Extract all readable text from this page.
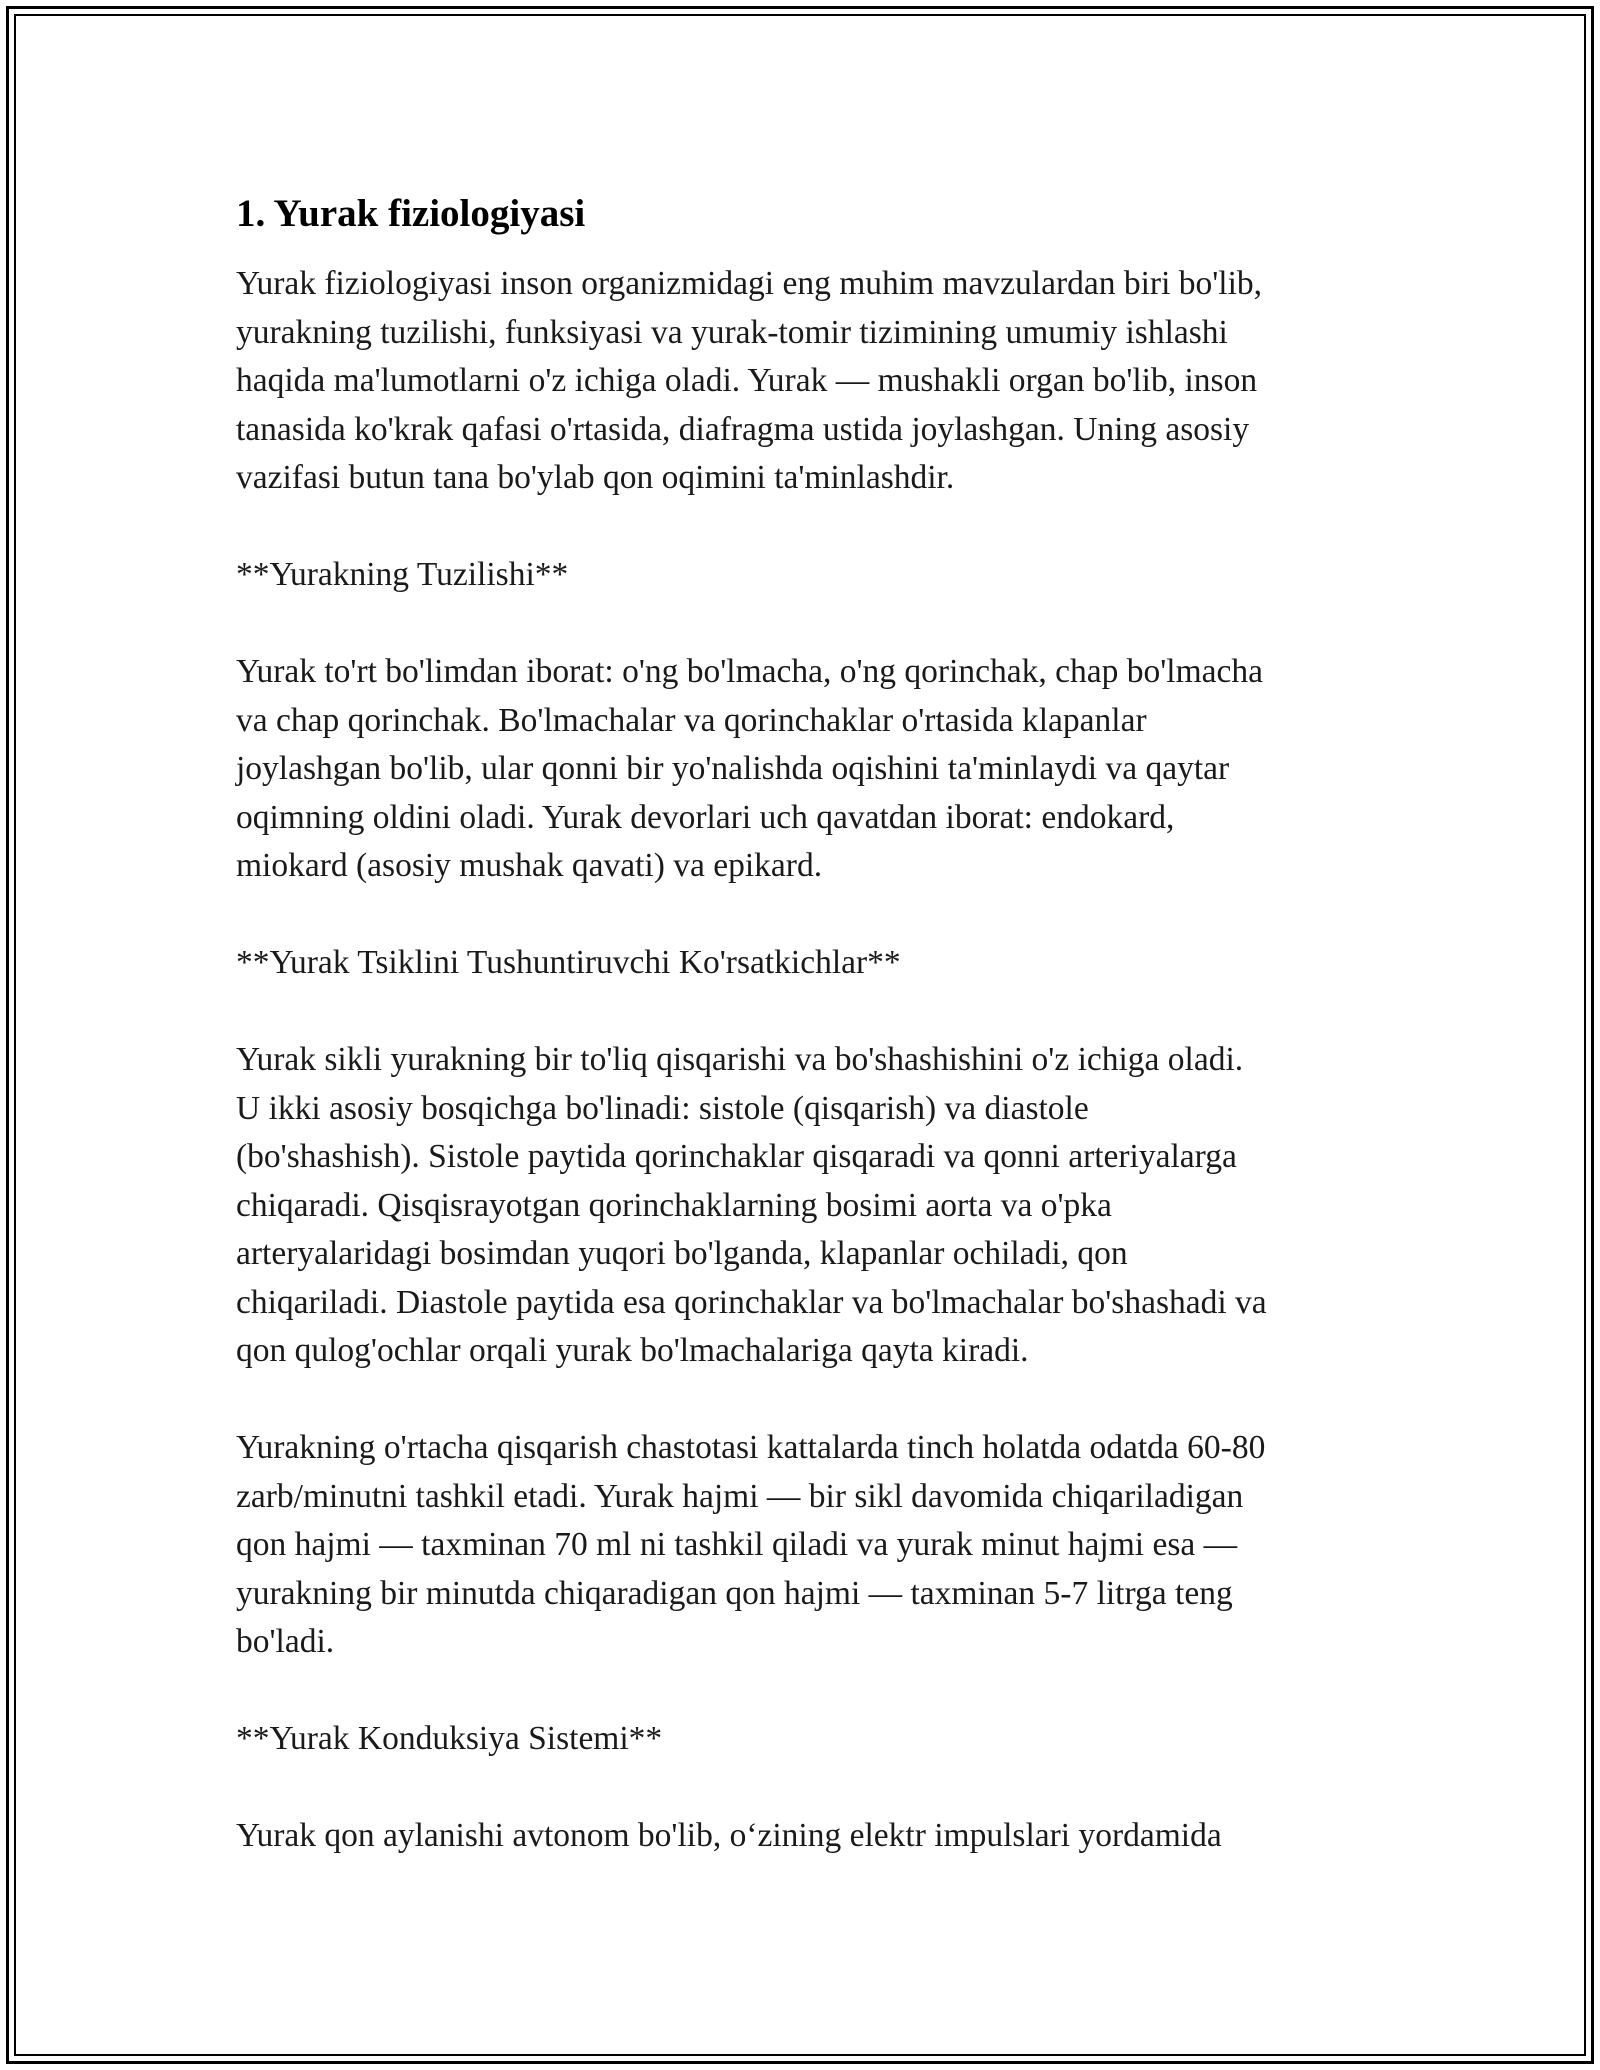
1. Yurak fiziologiyasi
Yurak fiziologiyasi inson organizmidagi eng muhim mavzulardan biri bo'lib,
yurakning tuzilishi, funksiyasi va yurak-tomir tizimining umumiy ishlashi
haqida ma'lumotlarni o'z ichiga oladi. Yurak — mushakli organ bo'lib, inson
tanasida ko'krak qafasi o'rtasida, diafragma ustida joylashgan. Uning asosiy
vazifasi butun tana bo'ylab qon oqimini ta'minlashdir.
**Yurakning Tuzilishi**
Yurak to'rt bo'limdan iborat: o'ng bo'lmacha, o'ng qorinchak, chap bo'lmacha
va chap qorinchak. Bo'lmachalar va qorinchaklar o'rtasida klapanlar
joylashgan bo'lib, ular qonni bir yo'nalishda oqishini ta'minlaydi va qaytar
oqimning oldini oladi. Yurak devorlari uch qavatdan iborat: endokard,
miokard (asosiy mushak qavati) va epikard.
**Yurak Tsiklini Tushuntiruvchi Ko'rsatkichlar**
Yurak sikli yurakning bir to'liq qisqarishi va bo'shashishini o'z ichiga oladi.
U ikki asosiy bosqichga bo'linadi: sistole (qisqarish) va diastole
(bo'shashish). Sistole paytida qorinchaklar qisqaradi va qonni arteriyalarga
chiqaradi. Qisqisrayotgan qorinchaklarning bosimi aorta va o'pka
arteryalaridagi bosimdan yuqori bo'lganda, klapanlar ochiladi, qon
chiqariladi. Diastole paytida esa qorinchaklar va bo'lmachalar bo'shashadi va
qon qulog'ochlar orqali yurak bo'lmachalariga qayta kiradi.
Yurakning o'rtacha qisqarish chastotasi kattalarda tinch holatda odatda 60-80
zarb/minutni tashkil etadi. Yurak hajmi — bir sikl davomida chiqariladigan
qon hajmi — taxminan 70 ml ni tashkil qiladi va yurak minut hajmi esa —
yurakning bir minutda chiqaradigan qon hajmi — taxminan 5-7 litrga teng
bo'ladi.
**Yurak Konduksiya Sistemi**
Yurak qon aylanishi avtonom bo'lib, o‘zining elektr impulslari yordamida
